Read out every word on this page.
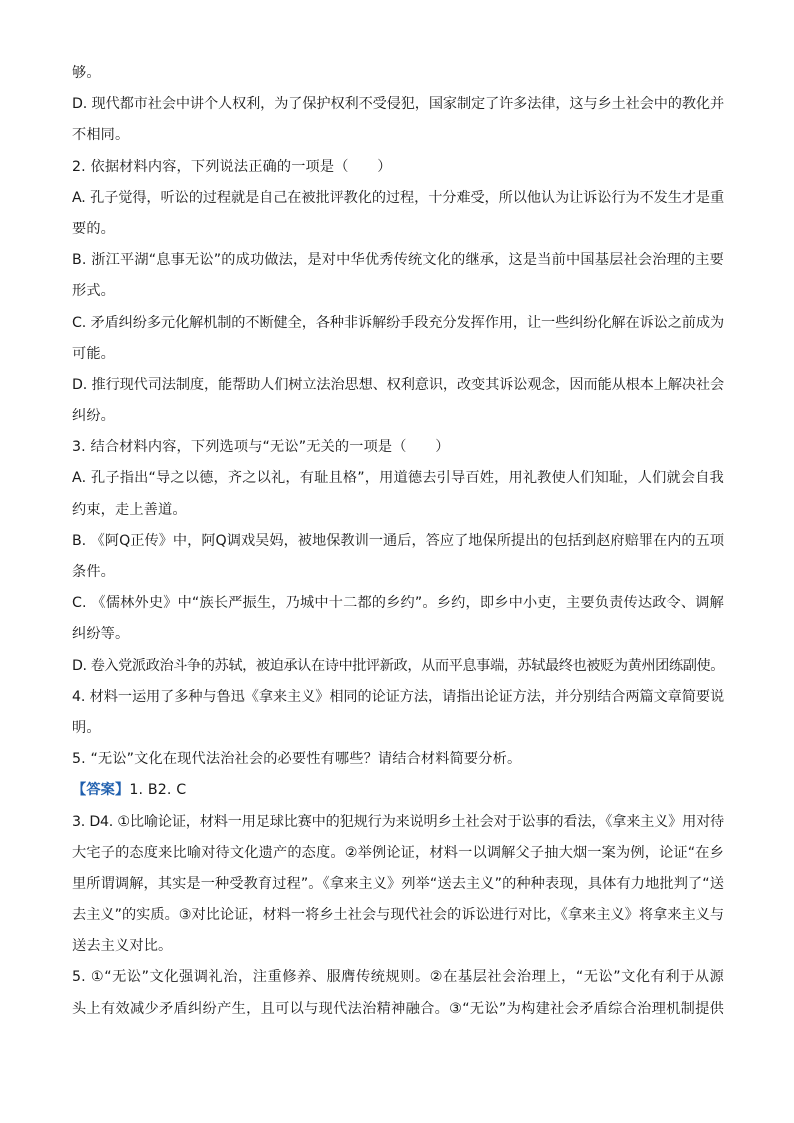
够。
D. 现代都市社会中讲个人权利，为了保护权利不受侵犯，国家制定了许多法律，这与乡土社会中的教化并
不相同。
2. 依据材料内容，下列说法正确的一项是（　　）
A. 孔子觉得，听讼的过程就是自己在被批评教化的过程，十分难受，所以他认为让诉讼行为不发生才是重
要的。
B. 浙江平湖“息事无讼”的成功做法，是对中华优秀传统文化的继承，这是当前中国基层社会治理的主要
形式。
C. 矛盾纠纷多元化解机制的不断健全，各种非诉解纷手段充分发挥作用，让一些纠纷化解在诉讼之前成为
可能。
D. 推行现代司法制度，能帮助人们树立法治思想、权利意识，改变其诉讼观念，因而能从根本上解决社会
纠纷。
3. 结合材料内容，下列选项与“无讼”无关的一项是（　　）
A. 孔子指出“导之以德，齐之以礼，有耻且格”，用道德去引导百姓，用礼教使人们知耻，人们就会自我
约束，走上善道。
B. 《阿Q正传》中，阿Q调戏吴妈，被地保教训一通后，答应了地保所提出的包括到赵府赔罪在内的五项
条件。
C. 《儒林外史》中“族长严振生，乃城中十二都的乡约”。乡约，即乡中小吏，主要负责传达政令、调解
纠纷等。
D. 卷入党派政治斗争的苏轼，被迫承认在诗中批评新政，从而平息事端，苏轼最终也被贬为黄州团练副使。
4. 材料一运用了多种与鲁迅《拿来主义》相同的论证方法，请指出论证方法，并分别结合两篇文章简要说
明。
5. “无讼”文化在现代法治社会的必要性有哪些？请结合材料简要分析。
【答案】1. B2. C
3. D4. ①比喻论证，材料一用足球比赛中的犯规行为来说明乡土社会对于讼事的看法，《拿来主义》用对待
大宅子的态度来比喻对待文化遗产的态度。②举例论证，材料一以调解父子抽大烟一案为例，论证“在乡
里所谓调解，其实是一种受教育过程”。《拿来主义》列举“送去主义”的种种表现，具体有力地批判了“送
去主义”的实质。③对比论证，材料一将乡土社会与现代社会的诉讼进行对比，《拿来主义》将拿来主义与
送去主义对比。
5. ①“无讼”文化强调礼治，注重修养、服膺传统规则。②在基层社会治理上，“无讼”文化有利于从源
头上有效减少矛盾纠纷产生，且可以与现代法治精神融合。③“无讼”为构建社会矛盾综合治理机制提供
